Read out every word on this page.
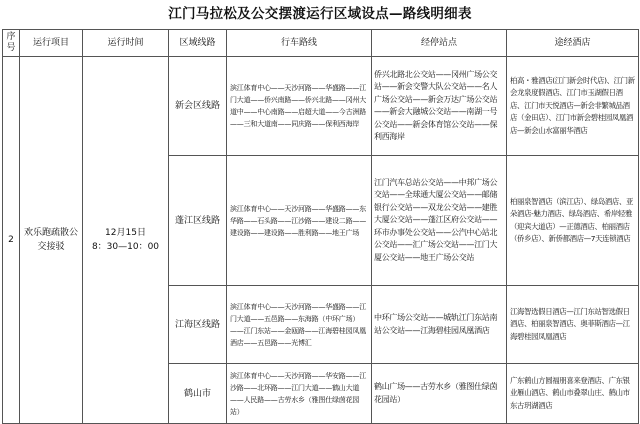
江门马拉松及公交摆渡运行区域设点—路线明细表
序号	运行项目	运行时间	区域线路	行车路线	经停站点	途经酒店
2	欢乐跑疏散公交接驳	12月15日
8：30—10：00	新会区线路	滨江体育中心——天沙河路——华盛路——江门大道——侨兴南路——侨兴北路——冈州大道中——中心南路——启超大道——今古洲路——三和大道南——同庆路——保利西海岸	侨兴北路北公交站——冈州广场公交站——新会交警大队公交站——名人广场公交站——新会万达广场公交站——新会大融城公交站——南湖一号公交站——新会体育馆公交站——保利西海岸	柏高・雅酒店(江门新会时代店)、江门新会龙泉度假酒店、江门市玉湖假日酒店、江门市天悦酒店—新会非繁城品酒店（金田店）、江门市新会碧桂园凤凰酒店—新会山水富丽华酒店
			蓬江区线路	滨江体育中心——天沙河路——华盛路——东华路——石头路——江沙路——建设二路——建设路——建设路——胜利路——地王广场	江门汽车总站公交站——中邦广场公交站——全球通大厦公交站——邮储银行公交站——双龙公交站——建胜大厦公交站——蓬江区府公交站——环市办事处公交站——公汽中心站北公交站——汇广场公交站——江门大厦公交站——地王广场公交站	柏丽泉智酒店（滨江店）、绿岛酒店、亚朵酒店-魅力酒店、绿岛酒店、希岸轻雅（迎宾大道店）—正德酒店、柏丽酒店（侨乡店）、新侨都酒店—7天连锁酒店
			江海区线路	滨江体育中心——天沙河路——华盛路——江门大道——五邑路——东海路（中环广场）——江门东站——金瓯路——江海碧桂园凤凰酒店——五邑路——光博汇	中环广场公交站——城轨江门东站南站公交站——江海碧桂园凤凰酒店	江海智选假日酒店—江门东站智选假日酒店、柏丽泉智酒店、奥菲斯酒店—江海碧桂园凤凰酒店
			鹤山市	滨江体育中心——天沙河路——华安路——江沙路——北环路——江门大道——鹤山大道——人民路——古劳水乡（雅图仕绿茵花园站）	鹤山广场——古劳水乡（雅图仕绿茵花园站）	广东鹤山方圆福朋喜来登酒店、广东银业雁山酒店、鹤山市叠翠山庄、鹤山市东古玥湖酒店
